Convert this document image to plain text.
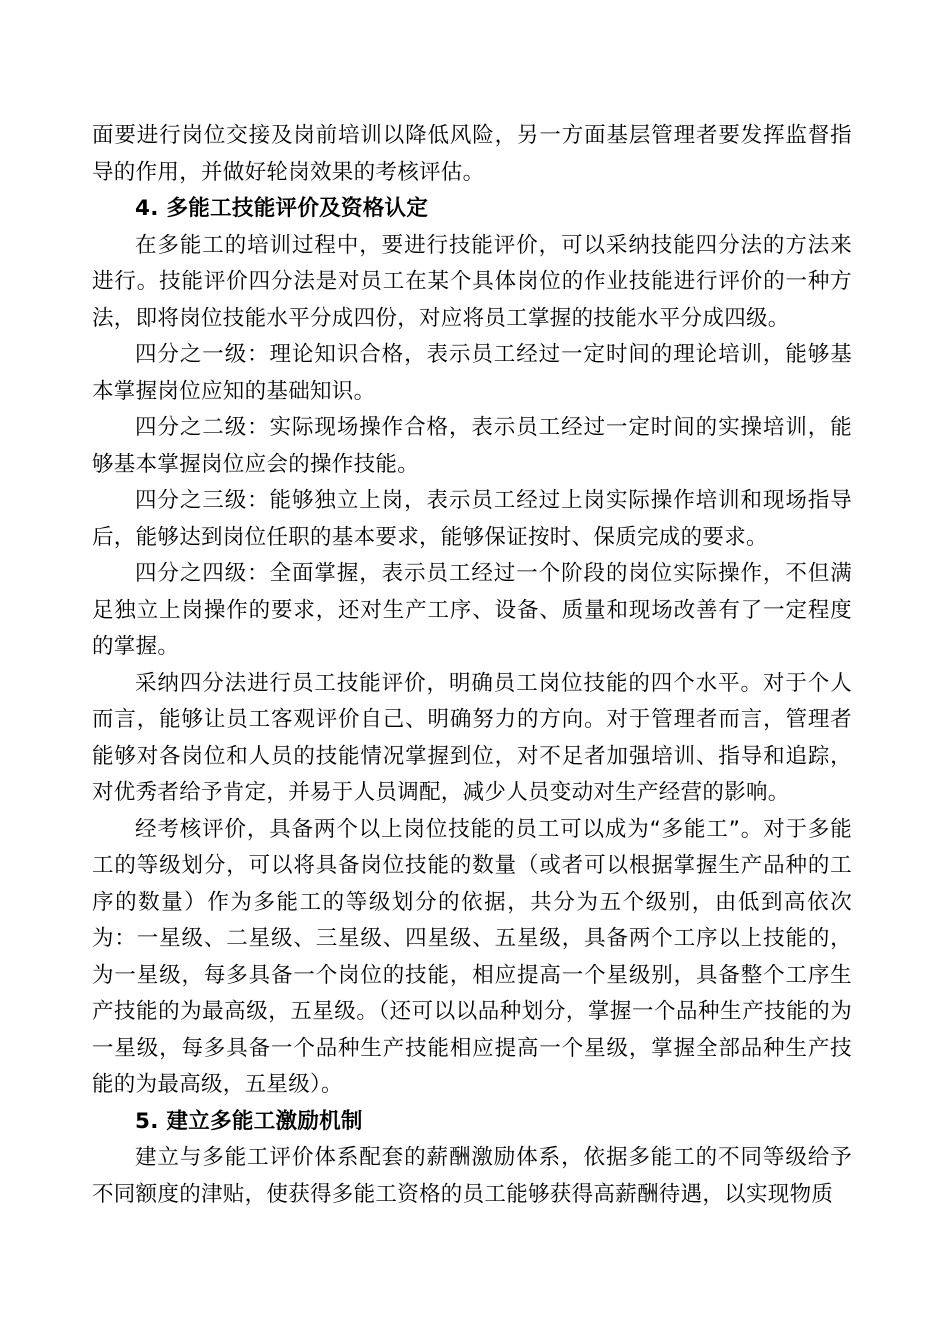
面要进行岗位交接及岗前培训以降低风险，另一方面基层管理者要发挥监督指导的作用，并做好轮岗效果的考核评估。

4. 多能工技能评价及资格认定

在多能工的培训过程中，要进行技能评价，可以采纳技能四分法的方法来进行。技能评价四分法是对员工在某个具体岗位的作业技能进行评价的一种方法，即将岗位技能水平分成四份，对应将员工掌握的技能水平分成四级。

四分之一级：理论知识合格，表示员工经过一定时间的理论培训，能够基本掌握岗位应知的基础知识。

四分之二级：实际现场操作合格，表示员工经过一定时间的实操培训，能够基本掌握岗位应会的操作技能。

四分之三级：能够独立上岗，表示员工经过上岗实际操作培训和现场指导后，能够达到岗位任职的基本要求，能够保证按时、保质完成的要求。

四分之四级：全面掌握，表示员工经过一个阶段的岗位实际操作，不但满足独立上岗操作的要求，还对生产工序、设备、质量和现场改善有了一定程度的掌握。

采纳四分法进行员工技能评价，明确员工岗位技能的四个水平。对于个人而言，能够让员工客观评价自己、明确努力的方向。对于管理者而言，管理者能够对各岗位和人员的技能情况掌握到位，对不足者加强培训、指导和追踪，对优秀者给予肯定，并易于人员调配，减少人员变动对生产经营的影响。

经考核评价，具备两个以上岗位技能的员工可以成为“多能工”。对于多能工的等级划分，可以将具备岗位技能的数量（或者可以根据掌握生产品种的工序的数量）作为多能工的等级划分的依据，共分为五个级别，由低到高依次为：一星级、二星级、三星级、四星级、五星级，具备两个工序以上技能的，为一星级，每多具备一个岗位的技能，相应提高一个星级别，具备整个工序生产技能的为最高级，五星级。（还可以以品种划分，掌握一个品种生产技能的为一星级，每多具备一个品种生产技能相应提高一个星级，掌握全部品种生产技能的为最高级，五星级）。

5. 建立多能工激励机制

建立与多能工评价体系配套的薪酬激励体系，依据多能工的不同等级给予不同额度的津贴，使获得多能工资格的员工能够获得高薪酬待遇，以实现物质
